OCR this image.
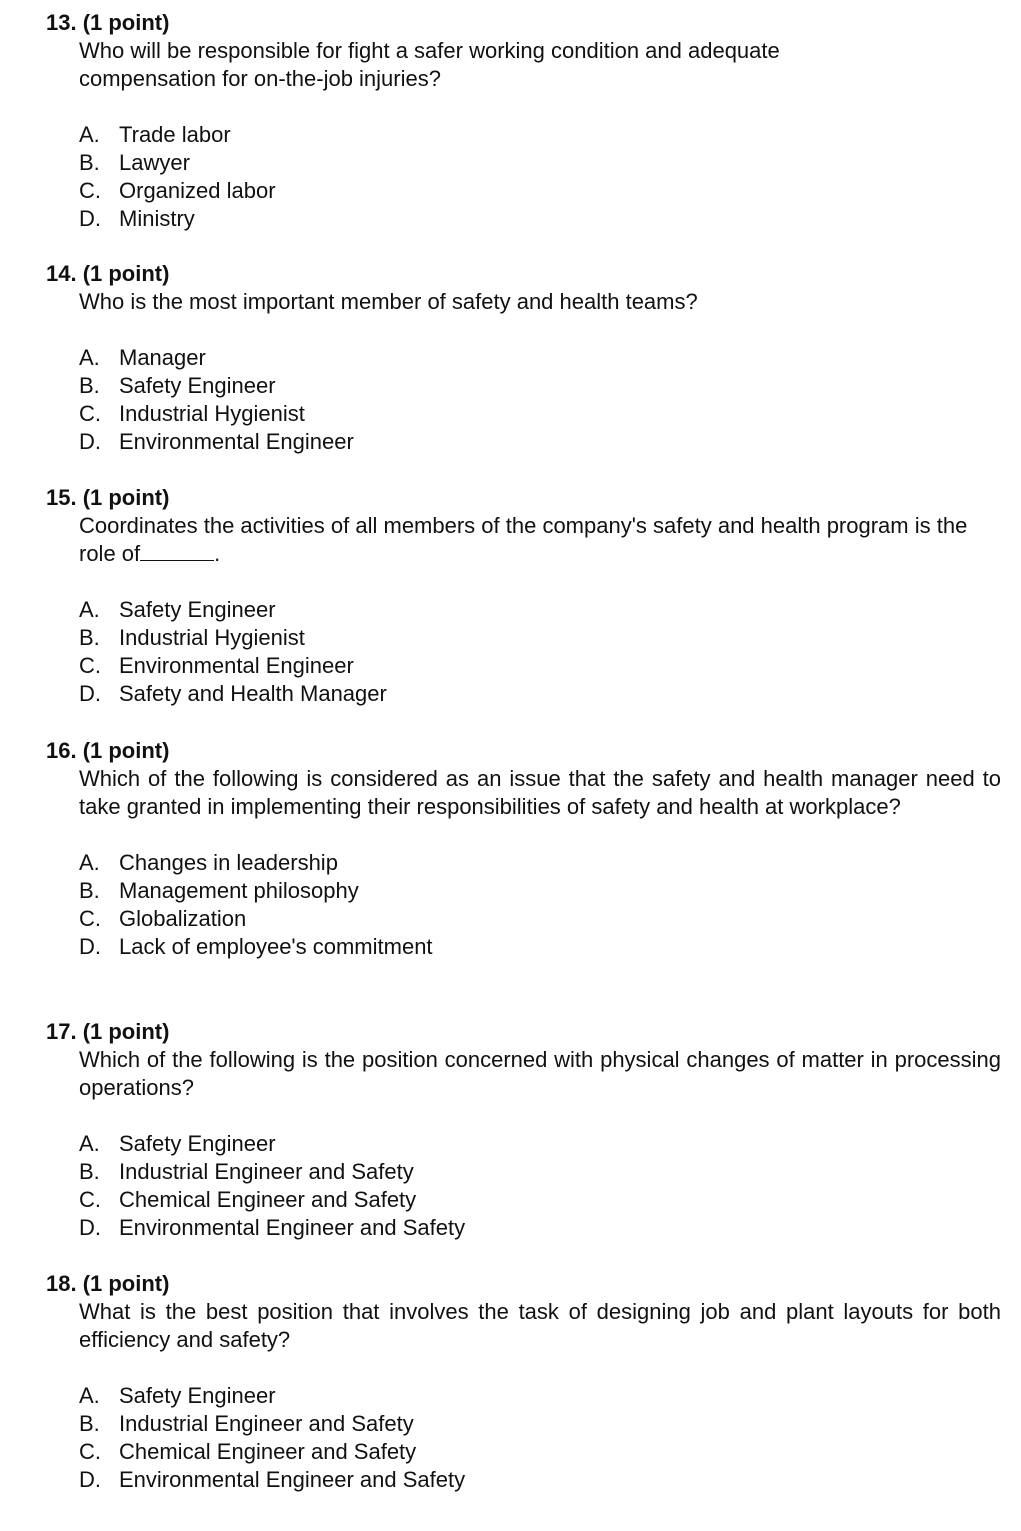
13. (1 point)

Who will be responsible for fight a safer working condition and adequate compensation for on-the-job injuries?

A. Trade labor
B. Lawyer
C. Organized labor
D. Ministry

14. (1 point)

Who is the most important member of safety and health teams?

A. Manager
B. Safety Engineer
C. Industrial Hygienist
D. Environmental Engineer

15. (1 point)

Coordinates the activities of all members of the company's safety and health program is the role of	.

A. Safety Engineer
B. Industrial Hygienist
C. Environmental Engineer
D. Safety and Health Manager

16. (1 point)

Which of the following is considered as an issue that the safety and health manager need to take granted in implementing their responsibilities of safety and health at workplace?

A. Changes in leadership
B. Management philosophy
C. Globalization
D. Lack of employee's commitment

17. (1 point)

Which of the following is the position concerned with physical changes of matter in processing operations?

A. Safety Engineer
B. Industrial Engineer and Safety
C. Chemical Engineer and Safety
D. Environmental Engineer and Safety

18. (1 point)

What is the best position that involves the task of designing job and plant layouts for both efficiency and safety?

A. Safety Engineer
B. Industrial Engineer and Safety
C. Chemical Engineer and Safety
D. Environmental Engineer and Safety
